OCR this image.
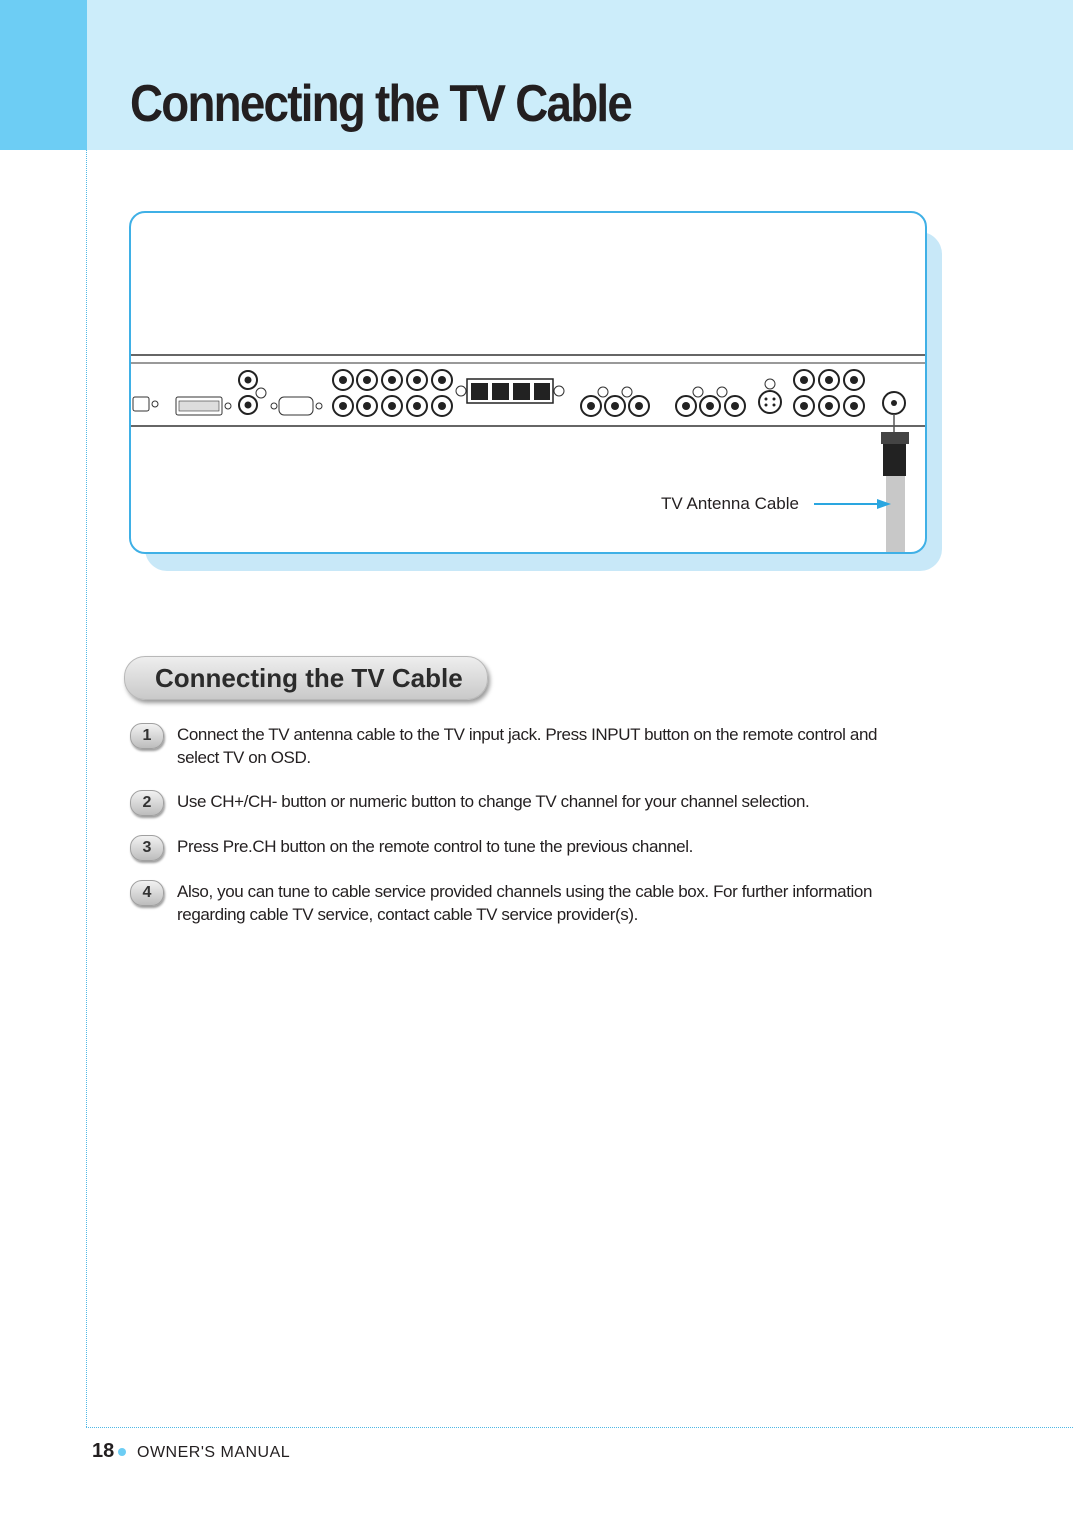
Connecting the TV Cable
TV Antenna Cable
Connecting the TV Cable
1	Connect the TV antenna cable to the TV input jack. Press INPUT button on the remote control and select TV on OSD.
2	Use CH+/CH- button or numeric button to change TV channel for your channel selection.
3	Press Pre.CH button on the remote control to tune the previous channel.
4	Also, you can tune to cable service provided channels using the cable box. For further information regarding cable TV service, contact cable TV service provider(s).
18 OWNER'S MANUAL
